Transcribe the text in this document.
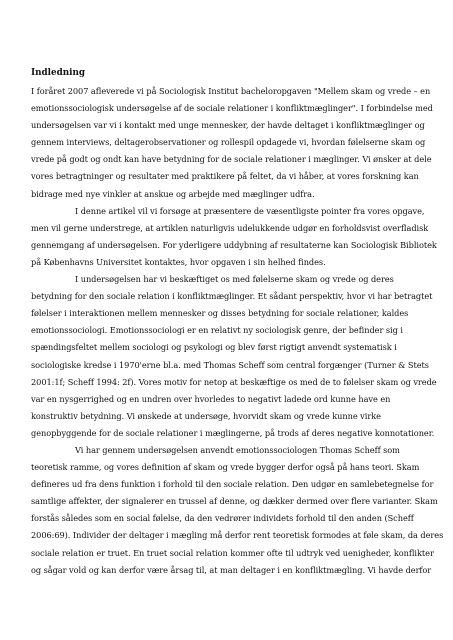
Indledning

I foråret 2007 afleverede vi på Sociologisk Institut bacheloropgaven "Mellem skam og vrede – en
emotionssociologisk undersøgelse af de sociale relationer i konfliktmæglinger". I forbindelse med
undersøgelsen var vi i kontakt med unge mennesker, der havde deltaget i konfliktmæglinger og
gennem interviews, deltagerobservationer og rollespil opdagede vi, hvordan følelserne skam og
vrede på godt og ondt kan have betydning for de sociale relationer i mæglinger. Vi ønsker at dele
vores betragtninger og resultater med praktikere på feltet, da vi håber, at vores forskning kan
bidrage med nye vinkler at anskue og arbejde med mæglinger udfra.

I denne artikel vil vi forsøge at præsentere de væsentligste pointer fra vores opgave,
men vil gerne understrege, at artiklen naturligvis udelukkende udgør en forholdsvist overfladisk
gennemgang af undersøgelsen. For yderligere uddybning af resultaterne kan Sociologisk Bibliotek
på Københavns Universitet kontaktes, hvor opgaven i sin helhed findes.

I undersøgelsen har vi beskæftiget os med følelserne skam og vrede og deres
betydning for den sociale relation i konfliktmæglinger. Et sådant perspektiv, hvor vi har betragtet
følelser i interaktionen mellem mennesker og disses betydning for sociale relationer, kaldes
emotionssociologi. Emotionssociologi er en relativt ny sociologisk genre, der befinder sig i
spændingsfeltet mellem sociologi og psykologi og blev først rigtigt anvendt systematisk i
sociologiske kredse i 1970'erne bl.a. med Thomas Scheff som central forgænger (Turner & Stets
2001:1f; Scheff 1994: 2f). Vores motiv for netop at beskæftige os med de to følelser skam og vrede
var en nysgerrighed og en undren over hvorledes to negativt ladede ord kunne have en
konstruktiv betydning. Vi ønskede at undersøge, hvorvidt skam og vrede kunne virke
genopbyggende for de sociale relationer i mæglingerne, på trods af deres negative konnotationer.

Vi har gennem undersøgelsen anvendt emotionssociologen Thomas Scheff som
teoretisk ramme, og vores definition af skam og vrede bygger derfor også på hans teori. Skam
defineres ud fra dens funktion i forhold til den sociale relation. Den udgør en samlebetegnelse for
samtlige affekter, der signalerer en trussel af denne, og dækker dermed over flere varianter. Skam
forstås således som en social følelse, da den vedrører individets forhold til den anden (Scheff
2006:69). Individer der deltager i mægling må derfor rent teoretisk formodes at føle skam, da deres
sociale relation er truet. En truet social relation kommer ofte til udtryk ved uenigheder, konflikter
og sågar vold og kan derfor være årsag til, at man deltager i en konfliktmægling. Vi havde derfor
